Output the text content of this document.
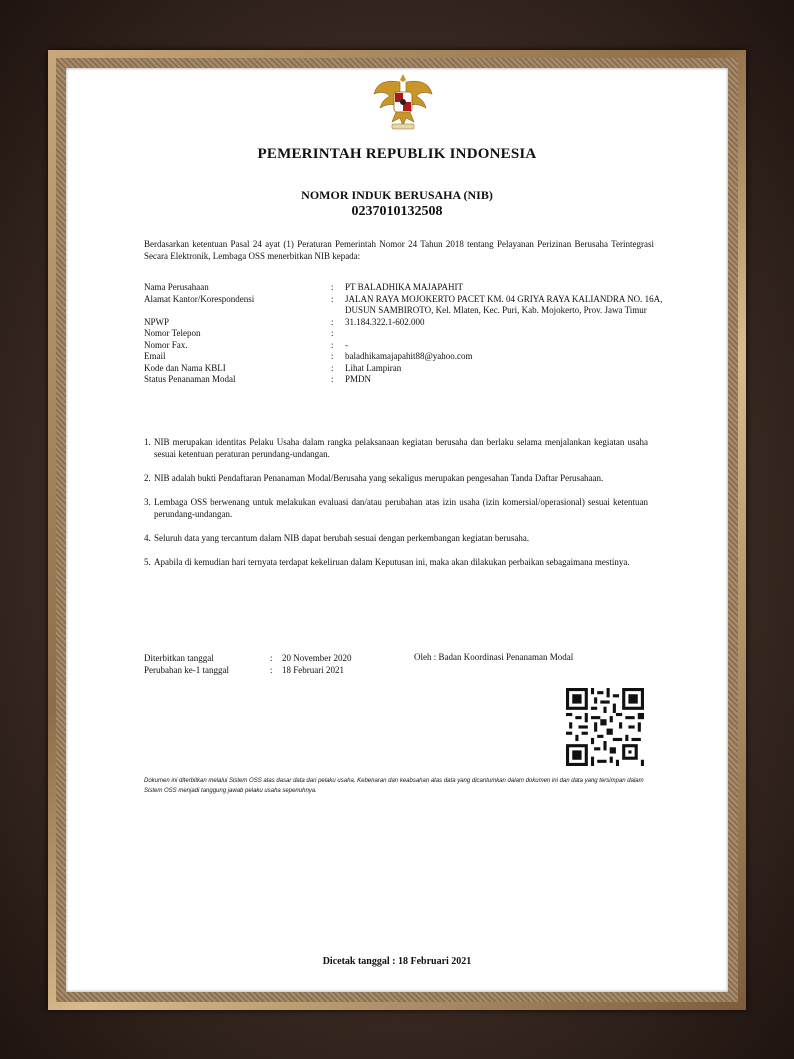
PEMERINTAH REPUBLIK INDONESIA
NOMOR INDUK BERUSAHA (NIB)
0237010132508
Berdasarkan ketentuan Pasal 24 ayat (1) Peraturan Pemerintah Nomor 24 Tahun 2018 tentang Pelayanan Perizinan Berusaha Terintegrasi Secara Elektronik, Lembaga OSS menerbitkan NIB kepada:
Nama Perusahaan	:	PT BALADHIKA MAJAPAHIT
Alamat Kantor/Korespondensi	:	JALAN RAYA MOJOKERTO PACET KM. 04 GRIYA RAYA KALIANDRA NO. 16A, DUSUN SAMBIROTO, Kel. Mlaten, Kec. Puri, Kab. Mojokerto, Prov. Jawa Timur
NPWP	:	31.184.322.1-602.000
Nomor Telepon	:
Nomor Fax.	:	-
Email	:	baladhikamajapahit88@yahoo.com
Kode dan Nama KBLI	:	Lihat Lampiran
Status Penanaman Modal	:	PMDN
1. NIB merupakan identitas Pelaku Usaha dalam rangka pelaksanaan kegiatan berusaha dan berlaku selama menjalankan kegiatan usaha sesuai ketentuan peraturan perundang-undangan.
2. NIB adalah bukti Pendaftaran Penanaman Modal/Berusaha yang sekaligus merupakan pengesahan Tanda Daftar Perusahaan.
3. Lembaga OSS berwenang untuk melakukan evaluasi dan/atau perubahan atas izin usaha (izin komersial/operasional) sesuai ketentuan perundang-undangan.
4. Seluruh data yang tercantum dalam NIB dapat berubah sesuai dengan perkembangan kegiatan berusaha.
5. Apabila di kemudian hari ternyata terdapat kekeliruan dalam Keputusan ini, maka akan dilakukan perbaikan sebagaimana mestinya.
Diterbitkan tanggal	:	20 November 2020
Perubahan ke-1 tanggal	:	18 Februari 2021
Oleh : Badan Koordinasi Penanaman Modal
Dokumen ini diterbitkan melalui Sistem OSS atas dasar data dari pelaku usaha. Kebenaran dan keabsahan atas data yang dicantumkan dalam dokumen ini dan data yang tersimpan dalam Sistem OSS menjadi tanggung jawab pelaku usaha sepenuhnya.
Dicetak tanggal : 18 Februari 2021
